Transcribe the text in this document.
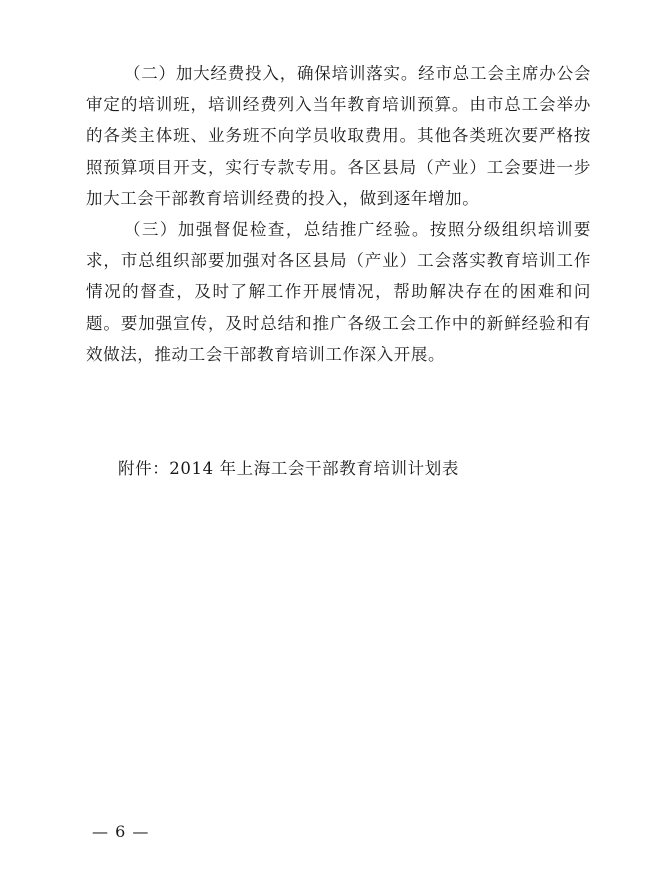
（二）加大经费投入，确保培训落实。经市总工会主席办公会审定的培训班，培训经费列入当年教育培训预算。由市总工会举办的各类主体班、业务班不向学员收取费用。其他各类班次要严格按照预算项目开支，实行专款专用。各区县局（产业）工会要进一步加大工会干部教育培训经费的投入，做到逐年增加。

（三）加强督促检查，总结推广经验。按照分级组织培训要求，市总组织部要加强对各区县局（产业）工会落实教育培训工作情况的督查，及时了解工作开展情况，帮助解决存在的困难和问题。要加强宣传，及时总结和推广各级工会工作中的新鲜经验和有效做法，推动工会干部教育培训工作深入开展。

附件：2014 年上海工会干部教育培训计划表
— 6 —
